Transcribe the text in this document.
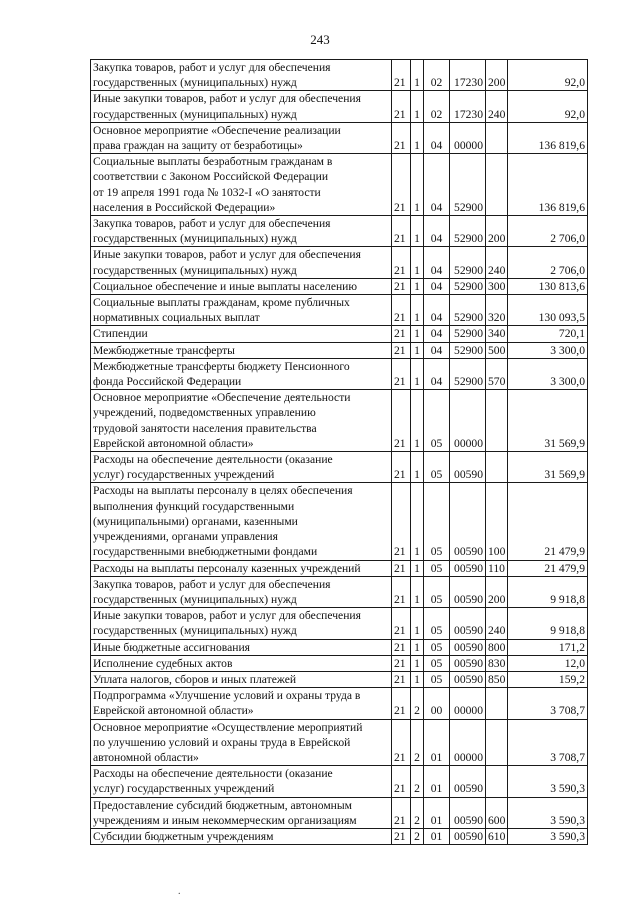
243
Закупка товаров, работ и услуг для обеспечения
государственных (муниципальных) нужд	21	1	02	17230	200	92,0

Иные закупки товаров, работ и услуг для обеспечения
государственных (муниципальных) нужд	21	1	02	17230	240	92,0

Основное мероприятие «Обеспечение реализации
права граждан на защиту от безработицы»	21	1	04	00000		136 819,6

Социальные выплаты безработным гражданам в
соответствии с Законом Российской Федерации
от 19 апреля 1991 года № 1032-I «О занятости
населения в Российской Федерации»	21	1	04	52900		136 819,6

Закупка товаров, работ и услуг для обеспечения
государственных (муниципальных) нужд	21	1	04	52900	200	2 706,0

Иные закупки товаров, работ и услуг для обеспечения
государственных (муниципальных) нужд	21	1	04	52900	240	2 706,0

Социальное обеспечение и иные выплаты населению	21	1	04	52900	300	130 813,6

Социальные выплаты гражданам, кроме публичных
нормативных социальных выплат	21	1	04	52900	320	130 093,5

Стипендии	21	1	04	52900	340	720,1

Межбюджетные трансферты	21	1	04	52900	500	3 300,0

Межбюджетные трансферты бюджету Пенсионного
фонда Российской Федерации	21	1	04	52900	570	3 300,0

Основное мероприятие «Обеспечение деятельности
учреждений, подведомственных управлению
трудовой занятости населения правительства
Еврейской автономной области»	21	1	05	00000		31 569,9

Расходы на обеспечение деятельности (оказание
услуг) государственных учреждений	21	1	05	00590		31 569,9

Расходы на выплаты персоналу в целях обеспечения
выполнения функций государственными
(муниципальными) органами, казенными
учреждениями, органами управления
государственными внебюджетными фондами	21	1	05	00590	100	21 479,9

Расходы на выплаты персоналу казенных учреждений	21	1	05	00590	110	21 479,9

Закупка товаров, работ и услуг для обеспечения
государственных (муниципальных) нужд	21	1	05	00590	200	9 918,8

Иные закупки товаров, работ и услуг для обеспечения
государственных (муниципальных) нужд	21	1	05	00590	240	9 918,8

Иные бюджетные ассигнования	21	1	05	00590	800	171,2

Исполнение судебных актов	21	1	05	00590	830	12,0

Уплата налогов, сборов и иных платежей	21	1	05	00590	850	159,2

Подпрограмма «Улучшение условий и охраны труда в
Еврейской автономной области»	21	2	00	00000		3 708,7

Основное мероприятие «Осуществление мероприятий
по улучшению условий и охраны труда в Еврейской
автономной области»	21	2	01	00000		3 708,7

Расходы на обеспечение деятельности (оказание
услуг) государственных учреждений	21	2	01	00590		3 590,3

Предоставление субсидий бюджетным, автономным
учреждениям и иным некоммерческим организациям	21	2	01	00590	600	3 590,3

Субсидии бюджетным учреждениям	21	2	01	00590	610	3 590,3
.
